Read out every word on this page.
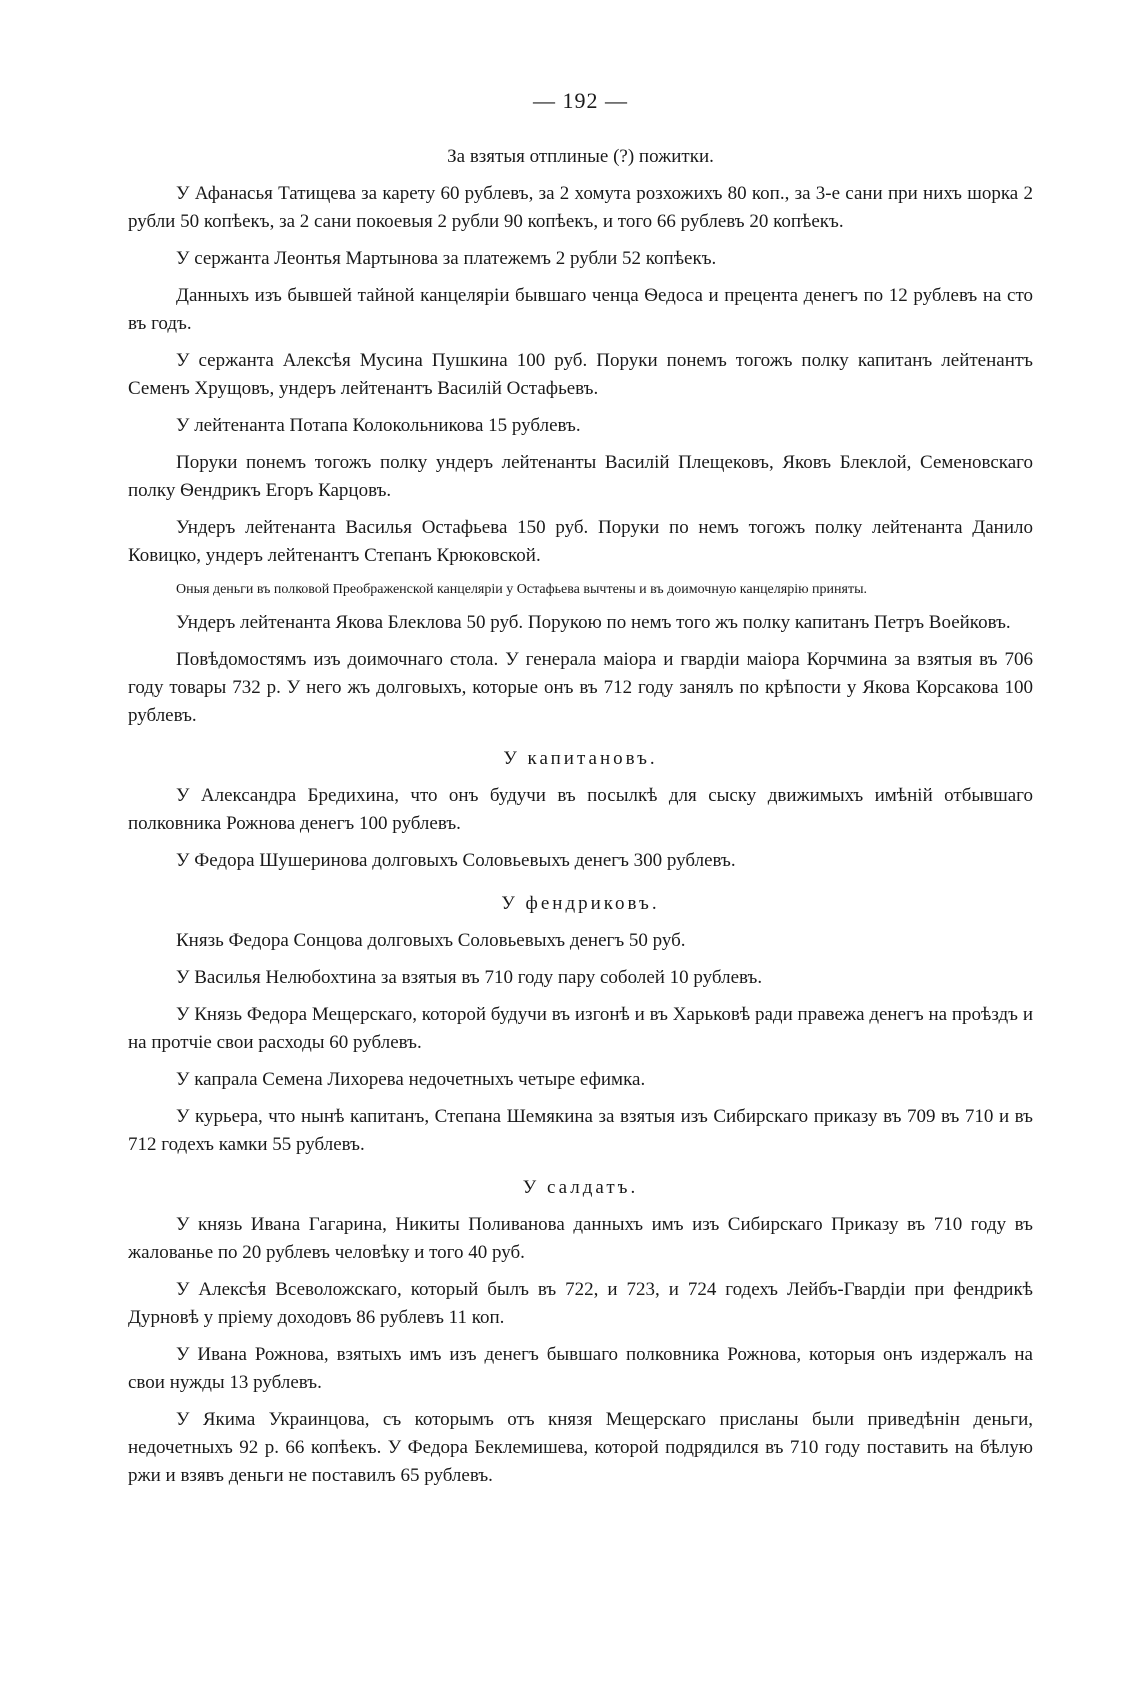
— 192 —
За взятыя отплиные (?) пожитки.

У Афанасья Татищева за карету 60 рублевъ, за 2 хомута розхожихъ 80 коп., за 3-е сани при нихъ шорка 2 рубли 50 копѣекъ, за 2 сани покоевыя 2 рубли 90 копѣекъ, и того 66 рублевъ 20 копѣекъ.

У сержанта Леонтья Мартынова за платежемъ 2 рубли 52 копѣекъ.

Данныхъ изъ бывшей тайной канцеляріи бывшаго ченца Ѳедоса и прецента денегъ по 12 рублевъ на сто въ годъ.

У сержанта Алексѣя Мусина Пушкина 100 руб. Поруки понемъ тогожъ полку капитанъ лейтенантъ Семенъ Хрущовъ, ундеръ лейтенантъ Василій Остафьевъ.

У лейтенанта Потапа Колокольникова 15 рублевъ.

Поруки понемъ тогожъ полку ундеръ лейтенанты Василій Плещековъ, Яковъ Блеклой, Семеновскаго полку Ѳендрикъ Егоръ Карцовъ.

Ундеръ лейтенанта Василья Остафьева 150 руб. Поруки по немъ тогожъ полку лейтенанта Данило Ковицко, ундеръ лейтенантъ Степанъ Крюковской.

Оныя деньги въ полковой Преображенской канцеляріи у Остафьева вычтены и въ доимочную канцелярію приняты.

Ундеръ лейтенанта Якова Блеклова 50 руб. Порукою по немъ того жъ полку капитанъ Петръ Воейковъ.

Повѣдомостямъ изъ доимочнаго стола. У генерала маіора и гвардіи маіора Корчмина за взятыя въ 706 году товары 732 р. У него жъ долговыхъ, которые онъ въ 712 году занялъ по крѣпости у Якова Корсакова 100 рублевъ.

У капитановъ.

У Александра Бредихина, что онъ будучи въ посылкѣ для сыску движимыхъ имѣній отбывшаго полковника Рожнова денегъ 100 рублевъ.

У Федора Шушеринова долговыхъ Соловьевыхъ денегъ 300 рублевъ.

У фендриковъ.

Князь Федора Сонцова долговыхъ Соловьевыхъ денегъ 50 руб.

У Василья Нелюбохтина за взятыя въ 710 году пару соболей 10 рублевъ.

У Князь Федора Мещерскаго, которой будучи въ изгонѣ и въ Харьковѣ ради правежа денегъ на проѣздъ и на протчіе свои расходы 60 рублевъ.

У капрала Семена Лихорева недочетныхъ четыре ефимка.

У курьера, что нынѣ капитанъ, Степана Шемякина за взятыя изъ Сибирскаго приказу въ 709 въ 710 и въ 712 годехъ камки 55 рублевъ.

У салдатъ.

У князь Ивана Гагарина, Никиты Поливанова данныхъ имъ изъ Сибирскаго Приказу въ 710 году въ жалованье по 20 рублевъ человѣку и того 40 руб.

У Алексѣя Всеволожскаго, который былъ въ 722, и 723, и 724 годехъ Лейбъ-Гвардіи при фендрикѣ Дурновѣ у пріему доходовъ 86 рублевъ 11 коп.

У Ивана Рожнова, взятыхъ имъ изъ денегъ бывшаго полковника Рожнова, которыя онъ издержалъ на свои нужды 13 рублевъ.

У Якима Украинцова, съ которымъ отъ князя Мещерскаго присланы были приведѣнін деньги, недочетныхъ 92 р. 66 копѣекъ. У Федора Беклемишева, которой подрядился въ 710 году поставить на бѣлую ржи и взявъ деньги не поставилъ 65 рублевъ.
